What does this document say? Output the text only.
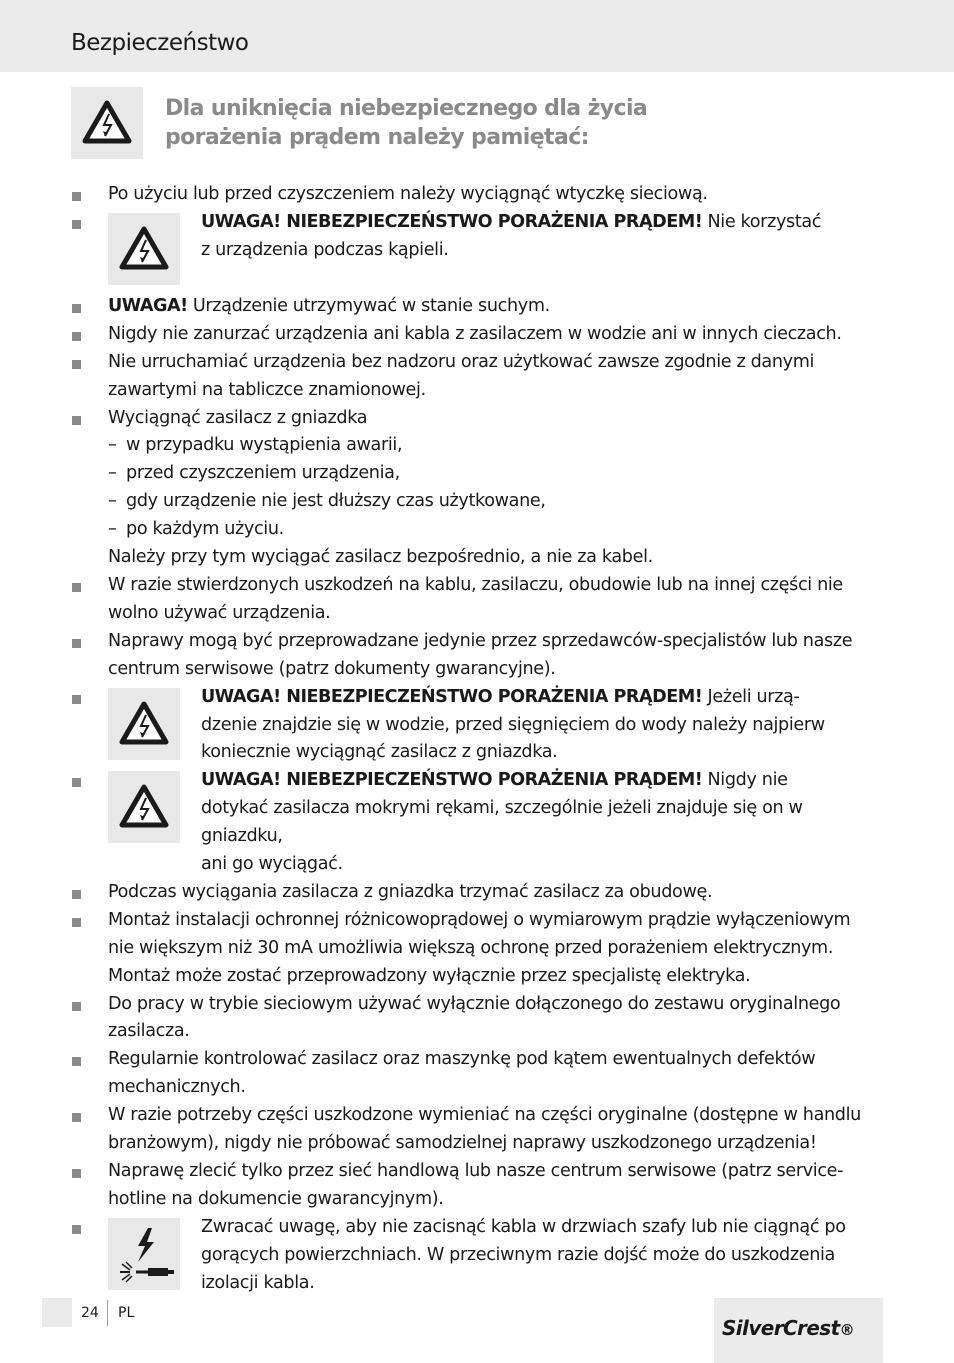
Bezpieczeństwo

Dla uniknięcia niebezpiecznego dla życia
porażenia prądem należy pamiętać:

Po użyciu lub przed czyszczeniem należy wyciągnąć wtyczkę sieciową.

UWAGA! NIEBEZPIECZEŃSTWO PORAŻENIA PRĄDEM! Nie korzystać
z urządzenia podczas kąpieli.

UWAGA! Urządzenie utrzymywać w stanie suchym.

Nigdy nie zanurzać urządzenia ani kabla z zasilaczem w wodzie ani w innych cieczach.

Nie urruchamiać urządzenia bez nadzoru oraz użytkować zawsze zgodnie z danymi
zawartymi na tabliczce znamionowej.

Wyciągnąć zasilacz z gniazdka

– w przypadku wystąpienia awarii,

– przed czyszczeniem urządzenia,

– gdy urządzenie nie jest dłuższy czas użytkowane,

– po każdym użyciu.

Należy przy tym wyciągać zasilacz bezpośrednio, a nie za kabel.

W razie stwierdzonych uszkodzeń na kablu, zasilaczu, obudowie lub na innej części nie
wolno używać urządzenia.

Naprawy mogą być przeprowadzane jedynie przez sprzedawców-specjalistów lub nasze
centrum serwisowe (patrz dokumenty gwarancyjne).

UWAGA! NIEBEZPIECZEŃSTWO PORAŻENIA PRĄDEM! Jeżeli urzą-
dzenie znajdzie się w wodzie, przed sięgnięciem do wody należy najpierw
koniecznie wyciągnąć zasilacz z gniazdka.

UWAGA! NIEBEZPIECZEŃSTWO PORAŻENIA PRĄDEM! Nigdy nie
dotykać zasilacza mokrymi rękami, szczególnie jeżeli znajduje się on w gniazdku,
ani go wyciągać.

Podczas wyciągania zasilacza z gniazdka trzymać zasilacz za obudowę.

Montaż instalacji ochronnej różnicowoprądowej o wymiarowym prądzie wyłączeniowym
nie większym niż 30 mA umożliwia większą ochronę przed porażeniem elektrycznym.
Montaż może zostać przeprowadzony wyłącznie przez specjalistę elektryka.

Do pracy w trybie sieciowym używać wyłącznie dołączonego do zestawu oryginalnego
zasilacza.

Regularnie kontrolować zasilacz oraz maszynkę pod kątem ewentualnych defektów
mechanicznych.

W razie potrzeby części uszkodzone wymieniać na części oryginalne (dostępne w handlu
branżowym), nigdy nie próbować samodzielnej naprawy uszkodzonego urządzenia!

Naprawę zlecić tylko przez sieć handlową lub nasze centrum serwisowe (patrz service-
hotline na dokumencie gwarancyjnym).

Zwracać uwagę, aby nie zacisnąć kabla w drzwiach szafy lub nie ciągnąć po
gorących powierzchniach. W przeciwnym razie dojść może do uszkodzenia
izolacji kabla.

24 PL
SilverCrest®
